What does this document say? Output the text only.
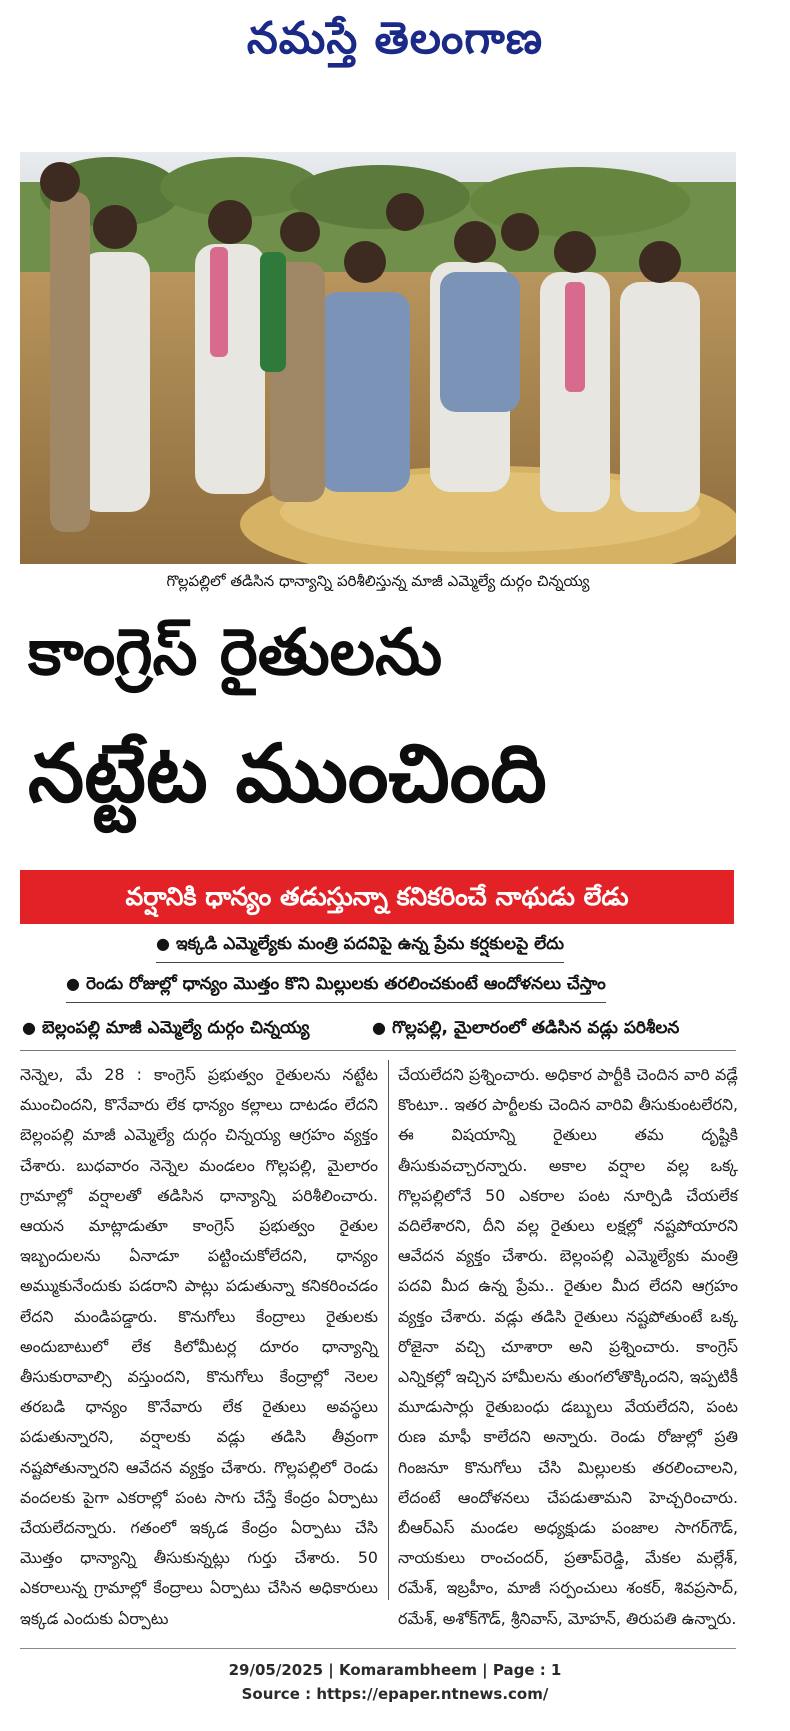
నమస్తే తెలంగాణ
గొల్లపల్లిలో తడిసిన ధాన్యాన్ని పరిశీలిస్తున్న మాజీ ఎమ్మెల్యే దుర్గం చిన్నయ్య
కాంగ్రెస్ రైతులను
నట్టేట ముంచింది
వర్షానికి ధాన్యం తడుస్తున్నా కనికరించే నాథుడు లేడు
● ఇక్కడి ఎమ్మెల్యేకు మంత్రి పదవిపై ఉన్న ప్రేమ కర్షకులపై లేదు
● రెండు రోజుల్లో ధాన్యం మొత్తం కొని మిల్లులకు తరలించకుంటే ఆందోళనలు చేస్తాం
● బెల్లంపల్లి మాజీ ఎమ్మెల్యే దుర్గం చిన్నయ్య	● గొల్లపల్లి, మైలారంలో తడిసిన వడ్లు పరిశీలన
నెన్నెల, మే 28 : కాంగ్రెస్ ప్రభుత్వం రైతులను నట్టేట ముంచిందని, కొనేవారు లేక ధాన్యం కల్లాలు దాటడం లేదని బెల్లంపల్లి మాజీ ఎమ్మెల్యే దుర్గం చిన్నయ్య ఆగ్రహం వ్యక్తం చేశారు. బుధవారం నెన్నెల మండలం గొల్లపల్లి, మైలారం గ్రామాల్లో వర్షాలతో తడిసిన ధాన్యాన్ని పరిశీలించారు. ఆయన మాట్లాడుతూ కాంగ్రెస్ ప్రభుత్వం రైతుల ఇబ్బందులను ఏనాడూ పట్టించుకోలేదని, ధాన్యం అమ్ముకునేందుకు పడరాని పాట్లు పడుతున్నా కనికరించడం లేదని మండిపడ్డారు. కొనుగోలు కేంద్రాలు రైతులకు అందుబాటులో లేక కిలోమీటర్ల దూరం ధాన్యాన్ని తీసుకురావాల్సి వస్తుందని, కొనుగోలు కేంద్రాల్లో నెలల తరబడి ధాన్యం కొనేవారు లేక రైతులు అవస్థలు పడుతున్నారని, వర్షాలకు వడ్లు తడిసి తీవ్రంగా నష్టపోతున్నారని ఆవేదన వ్యక్తం చేశారు. గొల్లపల్లిలో రెండు వందలకు పైగా ఎకరాల్లో పంట సాగు చేస్తే కేంద్రం ఏర్పాటు చేయలేదన్నారు. గతంలో ఇక్కడ కేంద్రం ఏర్పాటు చేసి మొత్తం ధాన్యాన్ని తీసుకున్నట్లు గుర్తు చేశారు. 50 ఎకరాలున్న గ్రామాల్లో కేంద్రాలు ఏర్పాటు చేసిన అధికారులు ఇక్కడ ఎందుకు ఏర్పాటు
చేయలేదని ప్రశ్నించారు. అధికార పార్టీకి చెందిన వారి వడ్లే కొంటూ.. ఇతర పార్టీలకు చెందిన వారివి తీసుకుంటలేరని, ఈ విషయాన్ని రైతులు తమ దృష్టికి తీసుకువచ్చారన్నారు. అకాల వర్షాల వల్ల ఒక్క గొల్లపల్లిలోనే 50 ఎకరాల పంట నూర్పిడి చేయలేక వదిలేశారని, దీని వల్ల రైతులు లక్షల్లో నష్టపోయారని ఆవేదన వ్యక్తం చేశారు. బెల్లంపల్లి ఎమ్మెల్యేకు మంత్రి పదవి మీద ఉన్న ప్రేమ.. రైతుల మీద లేదని ఆగ్రహం వ్యక్తం చేశారు. వడ్లు తడిసి రైతులు నష్టపోతుంటే ఒక్క రోజైనా వచ్చి చూశారా అని ప్రశ్నించారు. కాంగ్రెస్ ఎన్నికల్లో ఇచ్చిన హామీలను తుంగలోతొక్కిందని, ఇప్పటికీ మూడుసార్లు రైతుబంధు డబ్బులు వేయలేదని, పంట రుణ మాఫీ కాలేదని అన్నారు. రెండు రోజుల్లో ప్రతి గింజనూ కొనుగోలు చేసి మిల్లులకు తరలించాలని, లేదంటే ఆందోళనలు చేపడుతామని హెచ్చరించారు. బీఆర్ఎస్ మండల అధ్యక్షుడు పంజాల సాగర్‌గౌడ్, నాయకులు రాంచందర్, ప్రతాప్‌రెడ్డి, మేకల మల్లేశ్, రమేశ్, ఇబ్రహీం, మాజీ సర్పంచులు శంకర్, శివప్రసాద్, రమేశ్, అశోక్‌గౌడ్, శ్రీనివాస్, మోహన్, తిరుపతి ఉన్నారు.
29/05/2025 | Komarambheem | Page : 1
Source : https://epaper.ntnews.com/
